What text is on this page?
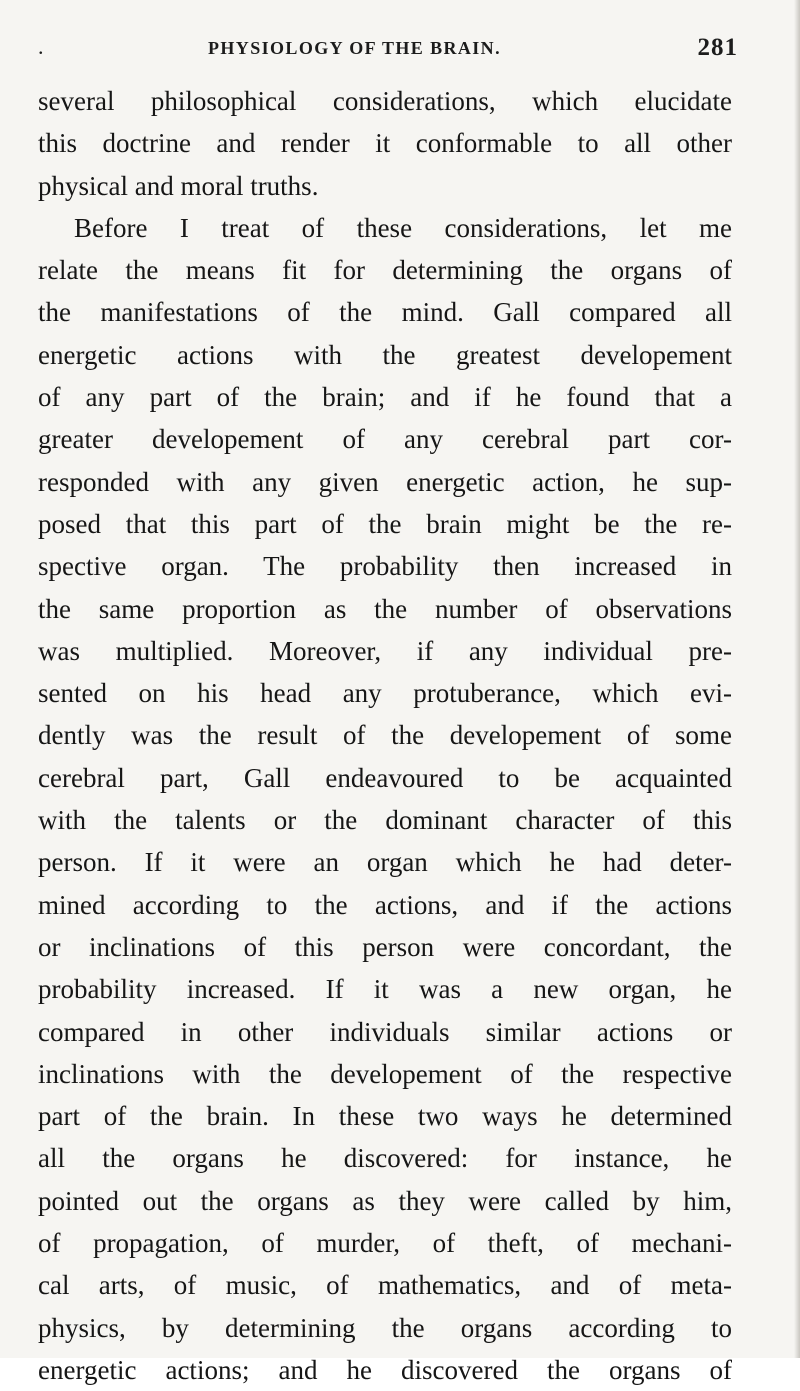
.	PHYSIOLOGY OF THE BRAIN.	281
several philosophical considerations, which elucidate
this doctrine and render it conformable to all other
physical and moral truths.
Before I treat of these considerations, let me
relate the means fit for determining the organs of
the manifestations of the mind. Gall compared all
energetic actions with the greatest developement
of any part of the brain; and if he found that a
greater developement of any cerebral part cor-
responded with any given energetic action, he sup-
posed that this part of the brain might be the re-
spective organ. The probability then increased in
the same proportion as the number of observations
was multiplied. Moreover, if any individual pre-
sented on his head any protuberance, which evi-
dently was the result of the developement of some
cerebral part, Gall endeavoured to be acquainted
with the talents or the dominant character of this
person. If it were an organ which he had deter-
mined according to the actions, and if the actions
or inclinations of this person were concordant, the
probability increased. If it was a new organ, he
compared in other individuals similar actions or
inclinations with the developement of the respective
part of the brain. In these two ways he determined
all the organs he discovered: for instance, he
pointed out the organs as they were called by him,
of propagation, of murder, of theft, of mechani-
cal arts, of music, of mathematics, and of meta-
physics, by determining the organs according to
energetic actions; and he discovered the organs of
